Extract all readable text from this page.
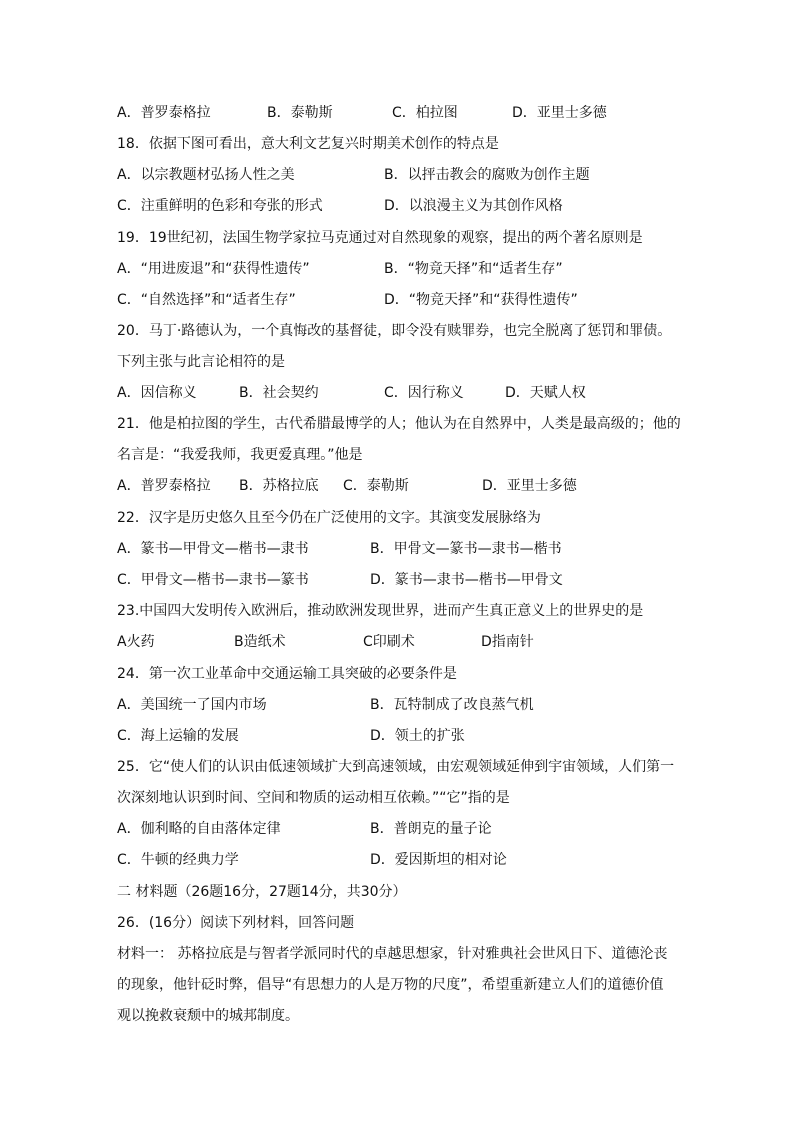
A．普罗泰格拉	B．泰勒斯	C．柏拉图	D．亚里士多德
18．依据下图可看出，意大利文艺复兴时期美术创作的特点是
A．以宗教题材弘扬人性之美	B．以抨击教会的腐败为创作主题
C．注重鲜明的色彩和夸张的形式	D．以浪漫主义为其创作风格
19．19世纪初，法国生物学家拉马克通过对自然现象的观察，提出的两个著名原则是
A．“用进废退”和“获得性遗传”	B．“物竞天择”和“适者生存”
C．“自然选择”和“适者生存”	D．“物竞天择”和“获得性遗传”
20．马丁·路德认为，一个真悔改的基督徒，即令没有赎罪券，也完全脱离了惩罚和罪债。
下列主张与此言论相符的是
A．因信称义	B．社会契约	C．因行称义	D．天赋人权
21．他是柏拉图的学生，古代希腊最博学的人；他认为在自然界中，人类是最高级的；他的
名言是：“我爱我师，我更爱真理。”他是
A．普罗泰格拉 B．苏格拉底 C．泰勒斯	D．亚里士多德
22．汉字是历史悠久且至今仍在广泛使用的文字。其演变发展脉络为
A．篆书—甲骨文—楷书—隶书	B．甲骨文—篆书—隶书—楷书
C．甲骨文—楷书—隶书—篆书	D．篆书—隶书—楷书—甲骨文
23.中国四大发明传入欧洲后，推动欧洲发现世界，进而产生真正意义上的世界史的是
A火药	B造纸术	C印刷术	D指南针
24．第一次工业革命中交通运输工具突破的必要条件是
A．美国统一了国内市场	B．瓦特制成了改良蒸气机
C．海上运输的发展	D．领土的扩张
25．它“使人们的认识由低速领域扩大到高速领域，由宏观领域延伸到宇宙领域，人们第一
次深刻地认识到时间、空间和物质的运动相互依赖。”“它”指的是
A．伽利略的自由落体定律	B．普朗克的量子论
C．牛顿的经典力学	D．爱因斯坦的相对论
二 材料题（26题16分，27题14分，共30分）
26．(16分）阅读下列材料，回答问题
材料一： 苏格拉底是与智者学派同时代的卓越思想家，针对雅典社会世风日下、道德沦丧
的现象，他针砭时弊，倡导“有思想力的人是万物的尺度”，希望重新建立人们的道德价值
观以挽救衰颓中的城邦制度。
